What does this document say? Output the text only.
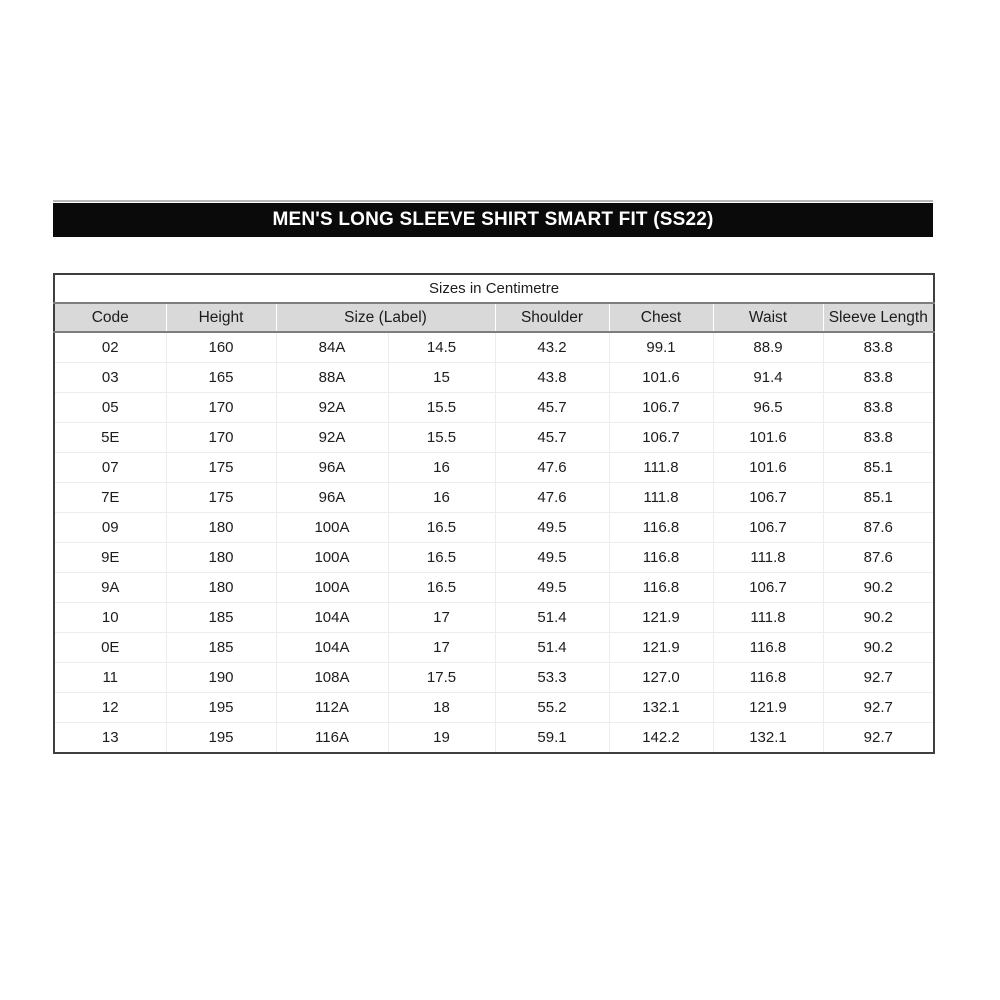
MEN'S LONG SLEEVE SHIRT SMART FIT (SS22)
Sizes in Centimetre							
Code	Height	Size (Label)		Shoulder	Chest	Waist	Sleeve Length
02	160	84A	14.5	43.2	99.1	88.9	83.8
03	165	88A	15	43.8	101.6	91.4	83.8
05	170	92A	15.5	45.7	106.7	96.5	83.8
5E	170	92A	15.5	45.7	106.7	101.6	83.8
07	175	96A	16	47.6	111.8	101.6	85.1
7E	175	96A	16	47.6	111.8	106.7	85.1
09	180	100A	16.5	49.5	116.8	106.7	87.6
9E	180	100A	16.5	49.5	116.8	111.8	87.6
9A	180	100A	16.5	49.5	116.8	106.7	90.2
10	185	104A	17	51.4	121.9	111.8	90.2
0E	185	104A	17	51.4	121.9	116.8	90.2
11	190	108A	17.5	53.3	127.0	116.8	92.7
12	195	112A	18	55.2	132.1	121.9	92.7
13	195	116A	19	59.1	142.2	132.1	92.7
